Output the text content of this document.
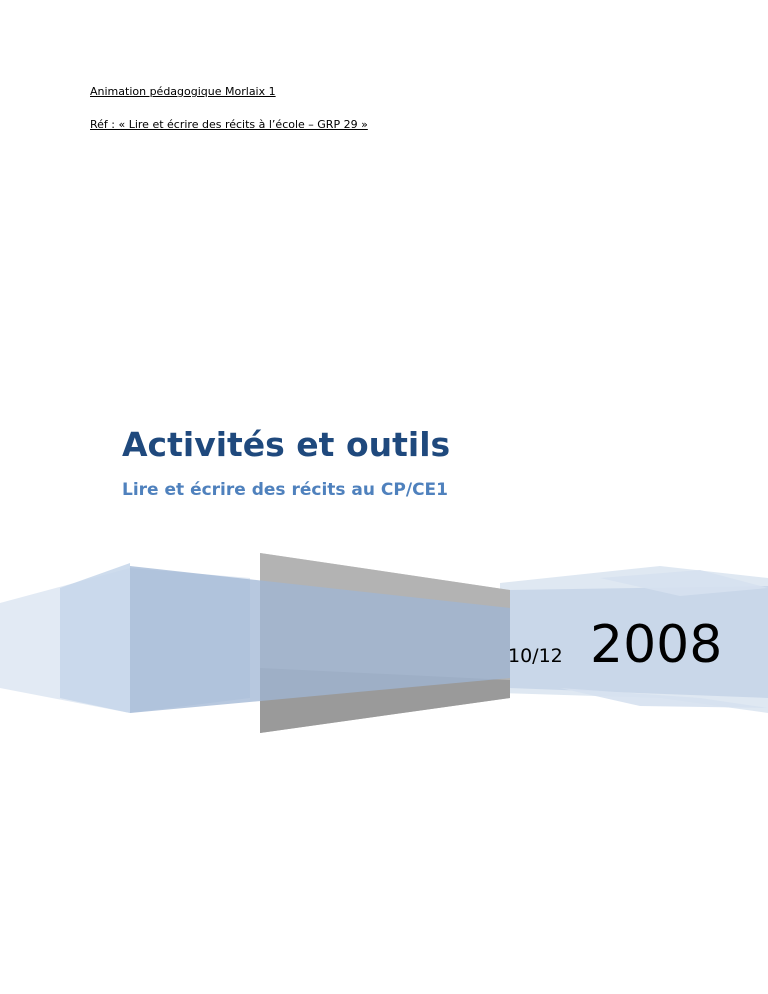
Animation pédagogique Morlaix 1
Réf : « Lire et écrire des récits à l’école – GRP 29 »
Activités et outils
Lire et écrire des récits au CP/CE1
10/12 2008
